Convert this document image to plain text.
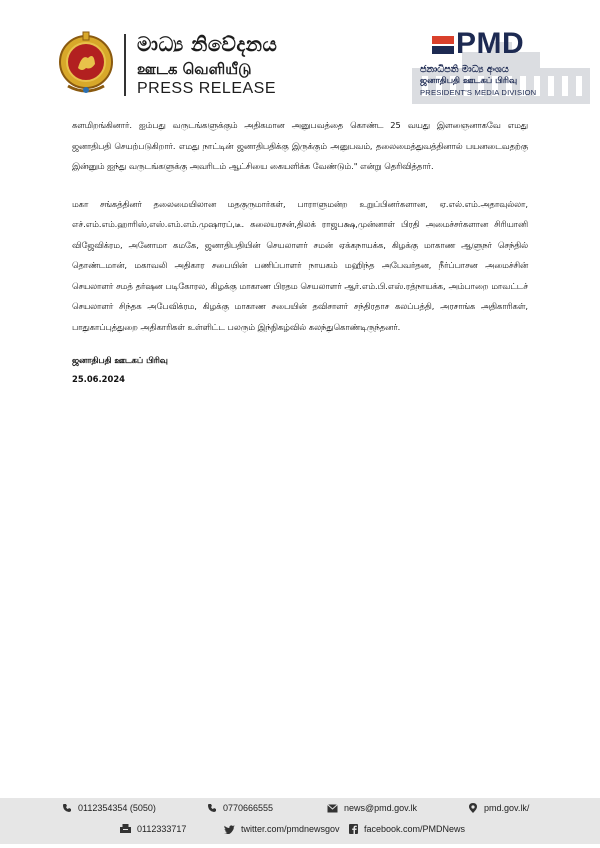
මාධ්‍ය නිවේදනය
ஊடக வெளியீடு
PRESS RELEASE
PMD
ජනාධිපති මාධ්‍ය අංශය
ஜனாதிபதி ஊடகப் பிரிவு
PRESIDENT'S MEDIA DIVISION

களமிறங்கினார். ஐம்பது வருடங்களுக்கும் அதிகமான அனுபவத்தை கொண்ட 25 வயது இளஞைனாகவே எமது ஜனாதிபதி செயற்படுகிறார். எமது நாட்டின் ஜனாதிபதிக்கு இருக்கும் அனுபவம், தலைமைத்துவத்தினால் பயனடைவதற்கு இன்னும் ஐந்து வருடங்களுக்கு அவரிடம் ஆட்சியை கையளிக்க வேண்டும்." என்று தெரிவித்தார்.

மகா சங்கத்தினர் தலைமையிலான மதகுருமார்கள், பாராளுமன்ற உறுப்பினர்களான, ஏ.எல்.எம்.அதாவுல்லா, எச்.எம்.எம்.ஹாரிஸ்,எஸ்.எம்.எம்.முஷாரப்,டீ. கலையரசன்,திலக் ராஜபக்ஷ,முன்னாள் பிரதி அமைச்சர்களான சிரியானி விஜேவிக்ரம, அனோமா கமகே, ஜனாதிபதியின் செயலாளர் சமன் ஏக்கநாயக்க, கிழக்கு மாகாண ஆளுநர் செந்தில் தொண்டமான், மகாவலி அதிகார சபையின் பணிப்பாளர் நாயகம் மஹிந்த அபேவர்தன, நீர்ப்பாசன அமைச்சின் செயலாளர் சமத் தர்ஷன படிகோரல, கிழக்கு மாகாண பிரதம செயலாளர் ஆர்.எம்.பி.எஸ்.ரத்நாயக்க, அம்பாறை மாவட்டச் செயலாளர் சிந்தக அபேவிக்ரம, கிழக்கு மாகாண சபையின் தவிசாளர் சந்திரதாச கலப்பத்தி, அரசாங்க அதிகாரிகள், பாதுகாப்புத்துறை அதிகாரிகள் உள்ளிட்ட பலரும் இந்நிகழ்வில் கலந்துகொண்டிருந்தனர்.

ஜனாதிபதி ஊடகப் பிரிவு

25.06.2024

0112354354 (5050)	0770666555	news@pmd.gov.lk	pmd.gov.lk/
0112333717	twitter.com/pmdnewsgov	facebook.com/PMDNews
